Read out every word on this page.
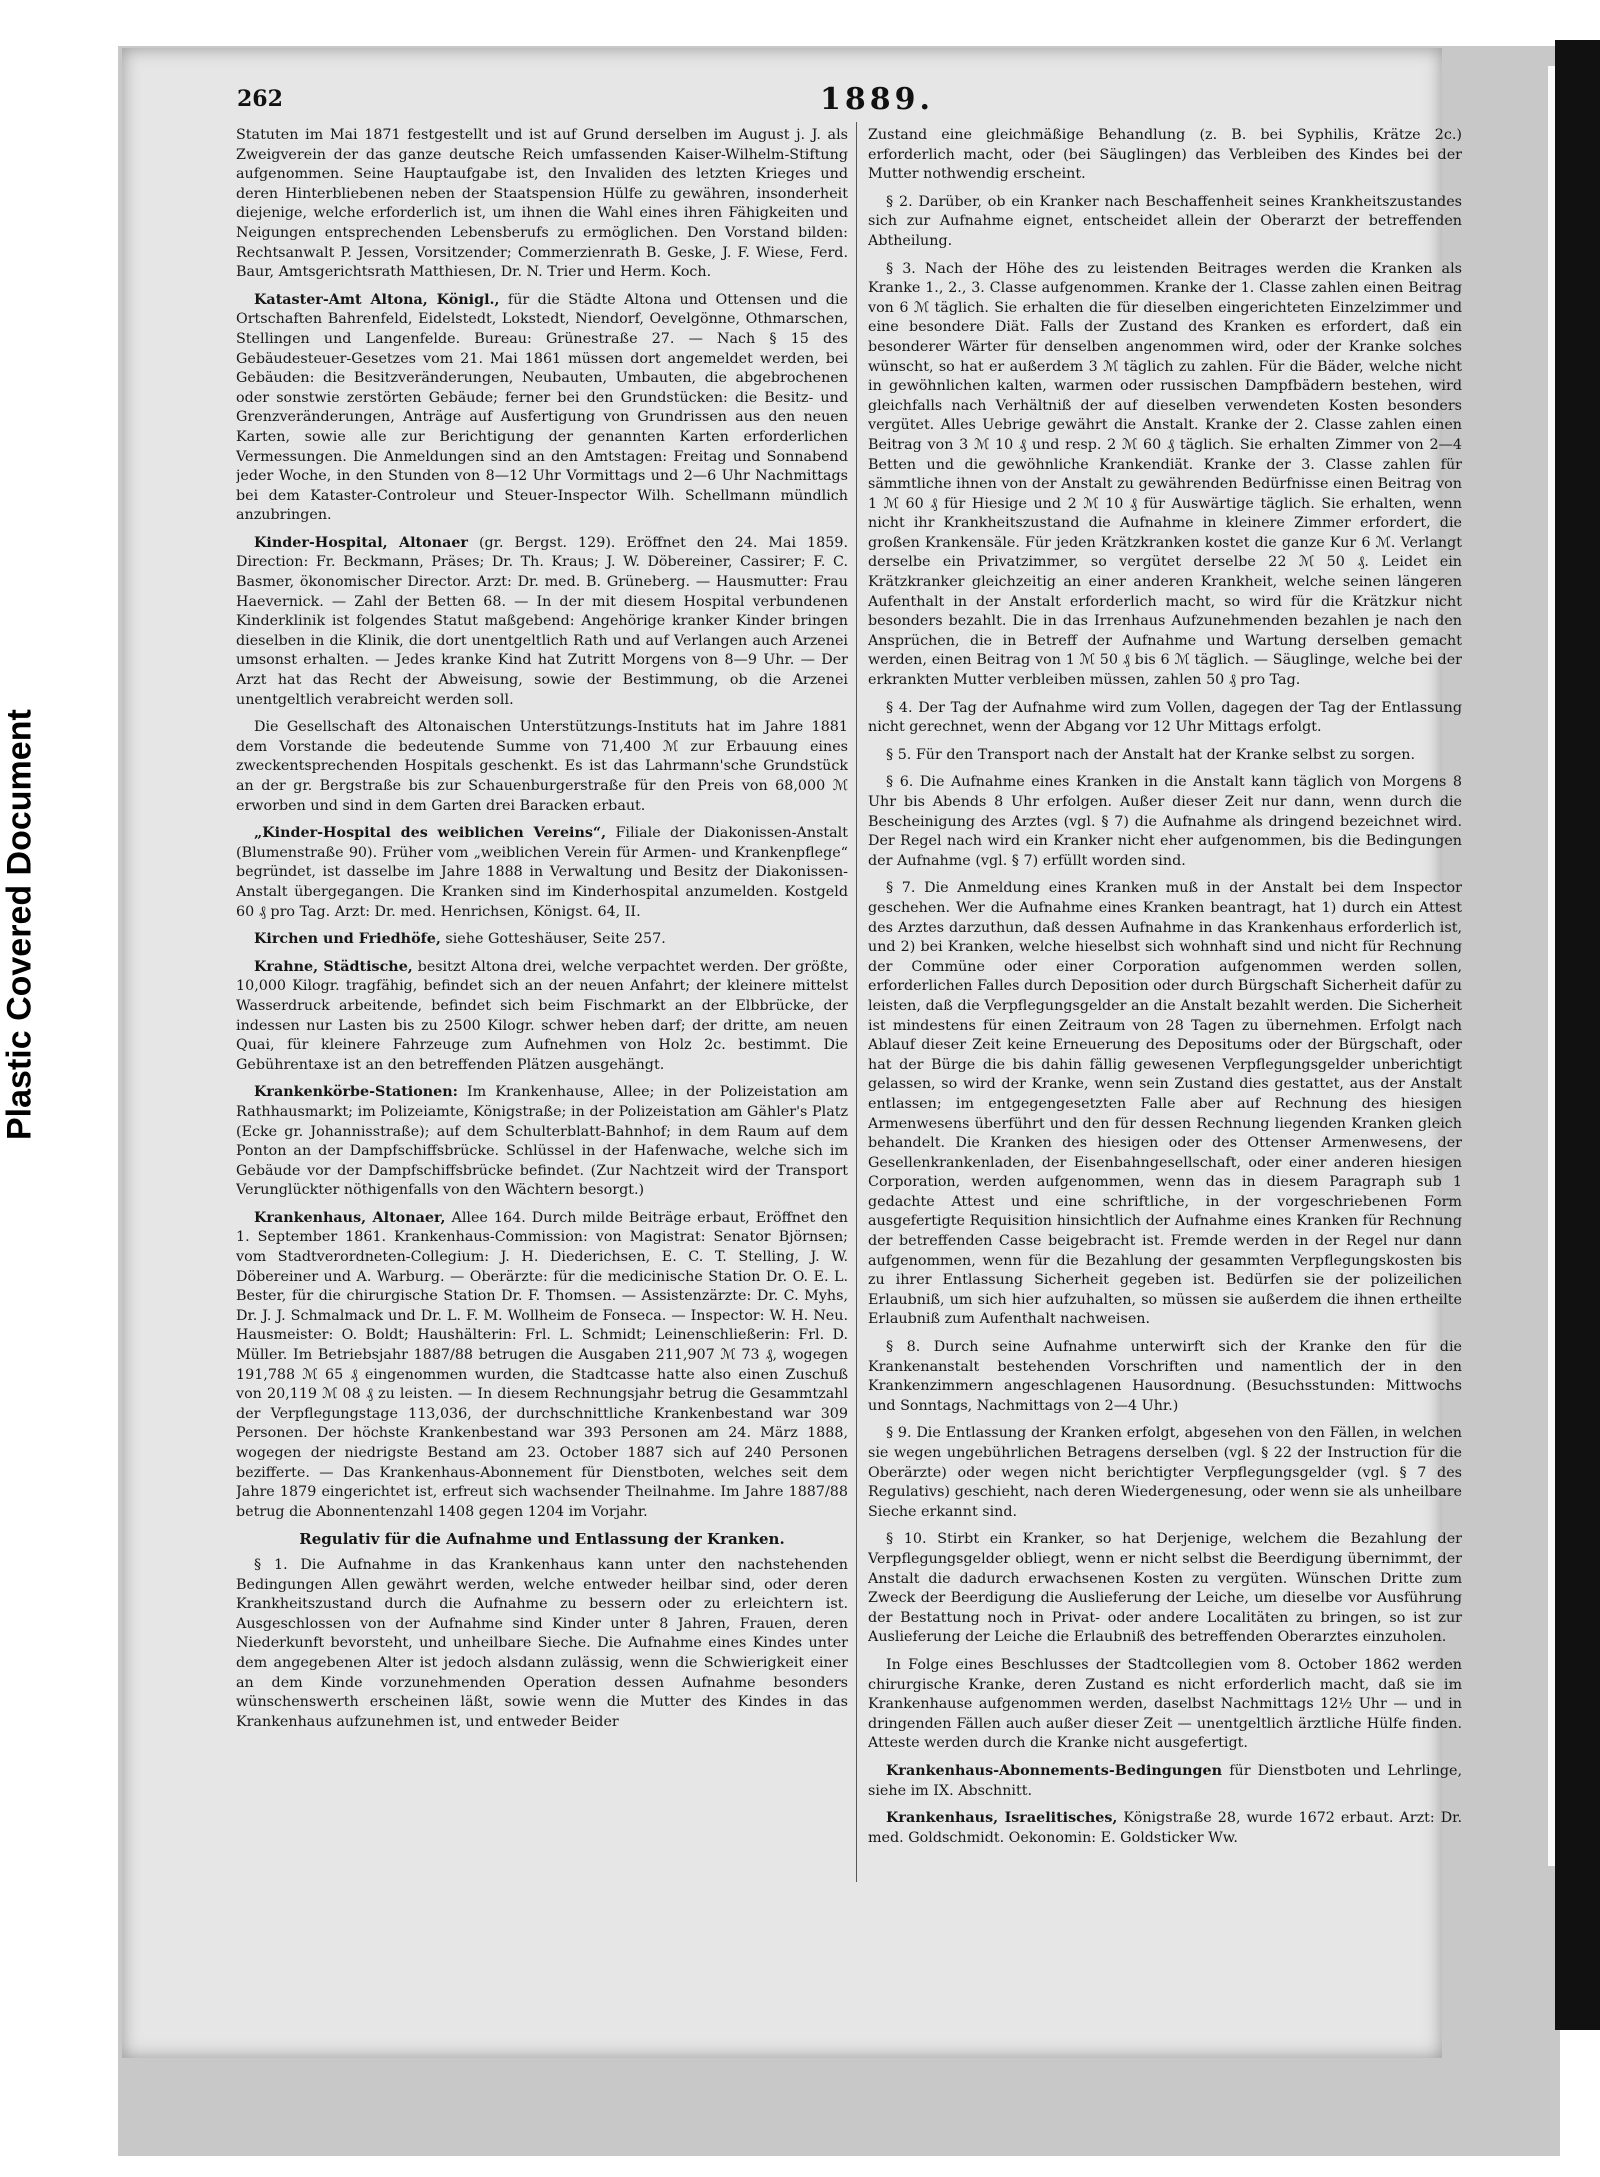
Plastic Covered Document
262	1889.

Statuten im Mai 1871 festgestellt und ist auf Grund derselben im August j. J. als Zweigverein der das ganze deutsche Reich umfassenden Kaiser-Wilhelm-Stiftung aufgenommen. Seine Hauptaufgabe ist, den Invaliden des letzten Krieges und deren Hinterbliebenen neben der Staatspension Hülfe zu gewähren, insonderheit diejenige, welche erforderlich ist, um ihnen die Wahl eines ihren Fähigkeiten und Neigungen entsprechenden Lebensberufs zu ermöglichen. Den Vorstand bilden: Rechtsanwalt P. Jessen, Vorsitzender; Commerzienrath B. Geske, J. F. Wiese, Ferd. Baur, Amtsgerichtsrath Matthiesen, Dr. N. Trier und Herm. Koch.

Kataster-Amt Altona, Königl., für die Städte Altona und Ottensen und die Ortschaften Bahrenfeld, Eidelstedt, Lokstedt, Niendorf, Oevelgönne, Othmarschen, Stellingen und Langenfelde. Bureau: Grünestraße 27. — Nach § 15 des Gebäudesteuer-Gesetzes vom 21. Mai 1861 müssen dort angemeldet werden, bei Gebäuden: die Besitzveränderungen, Neubauten, Umbauten, die abgebrochenen oder sonstwie zerstörten Gebäude; ferner bei den Grundstücken: die Besitz- und Grenzveränderungen, Anträge auf Ausfertigung von Grundrissen aus den neuen Karten, sowie alle zur Berichtigung der genannten Karten erforderlichen Vermessungen. Die Anmeldungen sind an den Amtstagen: Freitag und Sonnabend jeder Woche, in den Stunden von 8—12 Uhr Vormittags und 2—6 Uhr Nachmittags bei dem Kataster-Controleur und Steuer-Inspector Wilh. Schellmann mündlich anzubringen.

Kinder-Hospital, Altonaer (gr. Bergst. 129). Eröffnet den 24. Mai 1859. Direction: Fr. Beckmann, Präses; Dr. Th. Kraus; J. W. Döbereiner, Cassirer; F. C. Basmer, ökonomischer Director. Arzt: Dr. med. B. Grüneberg. — Hausmutter: Frau Haevernick. — Zahl der Betten 68. — In der mit diesem Hospital verbundenen Kinderklinik ist folgendes Statut maßgebend: Angehörige kranker Kinder bringen dieselben in die Klinik, die dort unentgeltlich Rath und auf Verlangen auch Arzenei umsonst erhalten. — Jedes kranke Kind hat Zutritt Morgens von 8—9 Uhr. — Der Arzt hat das Recht der Abweisung, sowie der Bestimmung, ob die Arzenei unentgeltlich verabreicht werden soll.

Die Gesellschaft des Altonaischen Unterstützungs-Instituts hat im Jahre 1881 dem Vorstande die bedeutende Summe von 71,400 ℳ zur Erbauung eines zweckentsprechenden Hospitals geschenkt. Es ist das Lahrmann'sche Grundstück an der gr. Bergstraße bis zur Schauenburgerstraße für den Preis von 68,000 ℳ erworben und sind in dem Garten drei Baracken erbaut.

„Kinder-Hospital des weiblichen Vereins“, Filiale der Diakonissen-Anstalt (Blumenstraße 90). Früher vom „weiblichen Verein für Armen- und Krankenpflege“ begründet, ist dasselbe im Jahre 1888 in Verwaltung und Besitz der Diakonissen-Anstalt übergegangen. Die Kranken sind im Kinderhospital anzumelden. Kostgeld 60 ₰ pro Tag. Arzt: Dr. med. Henrichsen, Königst. 64, II.

Kirchen und Friedhöfe, siehe Gotteshäuser, Seite 257.

Krahne, Städtische, besitzt Altona drei, welche verpachtet werden. Der größte, 10,000 Kilogr. tragfähig, befindet sich an der neuen Anfahrt; der kleinere mittelst Wasserdruck arbeitende, befindet sich beim Fischmarkt an der Elbbrücke, der indessen nur Lasten bis zu 2500 Kilogr. schwer heben darf; der dritte, am neuen Quai, für kleinere Fahrzeuge zum Aufnehmen von Holz 2c. bestimmt. Die Gebührentaxe ist an den betreffenden Plätzen ausgehängt.

Krankenkörbe-Stationen: Im Krankenhause, Allee; in der Polizeistation am Rathhausmarkt; im Polizeiamte, Königstraße; in der Polizeistation am Gähler's Platz (Ecke gr. Johannisstraße); auf dem Schulterblatt-Bahnhof; in dem Raum auf dem Ponton an der Dampfschiffsbrücke. Schlüssel in der Hafenwache, welche sich im Gebäude vor der Dampfschiffsbrücke befindet. (Zur Nachtzeit wird der Transport Verunglückter nöthigenfalls von den Wächtern besorgt.)

Krankenhaus, Altonaer, Allee 164. Durch milde Beiträge erbaut, Eröffnet den 1. September 1861. Krankenhaus-Commission: von Magistrat: Senator Björnsen; vom Stadtverordneten-Collegium: J. H. Diederichsen, E. C. T. Stelling, J. W. Döbereiner und A. Warburg. — Oberärzte: für die medicinische Station Dr. O. E. L. Bester, für die chirurgische Station Dr. F. Thomsen. — Assistenzärzte: Dr. C. Myhs, Dr. J. J. Schmalmack und Dr. L. F. M. Wollheim de Fonseca. — Inspector: W. H. Neu. Hausmeister: O. Boldt; Haushälterin: Frl. L. Schmidt; Leinenschließerin: Frl. D. Müller. Im Betriebsjahr 1887/88 betrugen die Ausgaben 211,907 ℳ 73 ₰, wogegen 191,788 ℳ 65 ₰ eingenommen wurden, die Stadtcasse hatte also einen Zuschuß von 20,119 ℳ 08 ₰ zu leisten. — In diesem Rechnungsjahr betrug die Gesammtzahl der Verpflegungstage 113,036, der durchschnittliche Krankenbestand war 309 Personen. Der höchste Krankenbestand war 393 Personen am 24. März 1888, wogegen der niedrigste Bestand am 23. October 1887 sich auf 240 Personen bezifferte. — Das Krankenhaus-Abonnement für Dienstboten, welches seit dem Jahre 1879 eingerichtet ist, erfreut sich wachsender Theilnahme. Im Jahre 1887/88 betrug die Abonnentenzahl 1408 gegen 1204 im Vorjahr.

Regulativ für die Aufnahme und Entlassung der Kranken.

§ 1. Die Aufnahme in das Krankenhaus kann unter den nachstehenden Bedingungen Allen gewährt werden, welche entweder heilbar sind, oder deren Krankheitszustand durch die Aufnahme zu bessern oder zu erleichtern ist. Ausgeschlossen von der Aufnahme sind Kinder unter 8 Jahren, Frauen, deren Niederkunft bevorsteht, und unheilbare Sieche. Die Aufnahme eines Kindes unter dem angegebenen Alter ist jedoch alsdann zulässig, wenn die Schwierigkeit einer an dem Kinde vorzunehmenden Operation dessen Aufnahme besonders wünschenswerth erscheinen läßt, sowie wenn die Mutter des Kindes in das Krankenhaus aufzunehmen ist, und entweder Beider

Zustand eine gleichmäßige Behandlung (z. B. bei Syphilis, Krätze 2c.) erforderlich macht, oder (bei Säuglingen) das Verbleiben des Kindes bei der Mutter nothwendig erscheint.

§ 2. Darüber, ob ein Kranker nach Beschaffenheit seines Krankheitszustandes sich zur Aufnahme eignet, entscheidet allein der Oberarzt der betreffenden Abtheilung.

§ 3. Nach der Höhe des zu leistenden Beitrages werden die Kranken als Kranke 1., 2., 3. Classe aufgenommen. Kranke der 1. Classe zahlen einen Beitrag von 6 ℳ täglich. Sie erhalten die für dieselben eingerichteten Einzelzimmer und eine besondere Diät. Falls der Zustand des Kranken es erfordert, daß ein besonderer Wärter für denselben angenommen wird, oder der Kranke solches wünscht, so hat er außerdem 3 ℳ täglich zu zahlen. Für die Bäder, welche nicht in gewöhnlichen kalten, warmen oder russischen Dampfbädern bestehen, wird gleichfalls nach Verhältniß der auf dieselben verwendeten Kosten besonders vergütet. Alles Uebrige gewährt die Anstalt. Kranke der 2. Classe zahlen einen Beitrag von 3 ℳ 10 ₰ und resp. 2 ℳ 60 ₰ täglich. Sie erhalten Zimmer von 2—4 Betten und die gewöhnliche Krankendiät. Kranke der 3. Classe zahlen für sämmtliche ihnen von der Anstalt zu gewährenden Bedürfnisse einen Beitrag von 1 ℳ 60 ₰ für Hiesige und 2 ℳ 10 ₰ für Auswärtige täglich. Sie erhalten, wenn nicht ihr Krankheitszustand die Aufnahme in kleinere Zimmer erfordert, die großen Krankensäle. Für jeden Krätzkranken kostet die ganze Kur 6 ℳ. Verlangt derselbe ein Privatzimmer, so vergütet derselbe 22 ℳ 50 ₰. Leidet ein Krätzkranker gleichzeitig an einer anderen Krankheit, welche seinen längeren Aufenthalt in der Anstalt erforderlich macht, so wird für die Krätzkur nicht besonders bezahlt. Die in das Irrenhaus Aufzunehmenden bezahlen je nach den Ansprüchen, die in Betreff der Aufnahme und Wartung derselben gemacht werden, einen Beitrag von 1 ℳ 50 ₰ bis 6 ℳ täglich. — Säuglinge, welche bei der erkrankten Mutter verbleiben müssen, zahlen 50 ₰ pro Tag.

§ 4. Der Tag der Aufnahme wird zum Vollen, dagegen der Tag der Entlassung nicht gerechnet, wenn der Abgang vor 12 Uhr Mittags erfolgt.

§ 5. Für den Transport nach der Anstalt hat der Kranke selbst zu sorgen.

§ 6. Die Aufnahme eines Kranken in die Anstalt kann täglich von Morgens 8 Uhr bis Abends 8 Uhr erfolgen. Außer dieser Zeit nur dann, wenn durch die Bescheinigung des Arztes (vgl. § 7) die Aufnahme als dringend bezeichnet wird. Der Regel nach wird ein Kranker nicht eher aufgenommen, bis die Bedingungen der Aufnahme (vgl. § 7) erfüllt worden sind.

§ 7. Die Anmeldung eines Kranken muß in der Anstalt bei dem Inspector geschehen. Wer die Aufnahme eines Kranken beantragt, hat 1) durch ein Attest des Arztes darzuthun, daß dessen Aufnahme in das Krankenhaus erforderlich ist, und 2) bei Kranken, welche hieselbst sich wohnhaft sind und nicht für Rechnung der Commüne oder einer Corporation aufgenommen werden sollen, erforderlichen Falles durch Deposition oder durch Bürgschaft Sicherheit dafür zu leisten, daß die Verpflegungsgelder an die Anstalt bezahlt werden. Die Sicherheit ist mindestens für einen Zeitraum von 28 Tagen zu übernehmen. Erfolgt nach Ablauf dieser Zeit keine Erneuerung des Depositums oder der Bürgschaft, oder hat der Bürge die bis dahin fällig gewesenen Verpflegungsgelder unberichtigt gelassen, so wird der Kranke, wenn sein Zustand dies gestattet, aus der Anstalt entlassen; im entgegengesetzten Falle aber auf Rechnung des hiesigen Armenwesens überführt und den für dessen Rechnung liegenden Kranken gleich behandelt. Die Kranken des hiesigen oder des Ottenser Armenwesens, der Gesellenkrankenladen, der Eisenbahngesellschaft, oder einer anderen hiesigen Corporation, werden aufgenommen, wenn das in diesem Paragraph sub 1 gedachte Attest und eine schriftliche, in der vorgeschriebenen Form ausgefertigte Requisition hinsichtlich der Aufnahme eines Kranken für Rechnung der betreffenden Casse beigebracht ist. Fremde werden in der Regel nur dann aufgenommen, wenn für die Bezahlung der gesammten Verpflegungskosten bis zu ihrer Entlassung Sicherheit gegeben ist. Bedürfen sie der polizeilichen Erlaubniß, um sich hier aufzuhalten, so müssen sie außerdem die ihnen ertheilte Erlaubniß zum Aufenthalt nachweisen.

§ 8. Durch seine Aufnahme unterwirft sich der Kranke den für die Krankenanstalt bestehenden Vorschriften und namentlich der in den Krankenzimmern angeschlagenen Hausordnung. (Besuchsstunden: Mittwochs und Sonntags, Nachmittags von 2—4 Uhr.)

§ 9. Die Entlassung der Kranken erfolgt, abgesehen von den Fällen, in welchen sie wegen ungebührlichen Betragens derselben (vgl. § 22 der Instruction für die Oberärzte) oder wegen nicht berichtigter Verpflegungsgelder (vgl. § 7 des Regulativs) geschieht, nach deren Wiedergenesung, oder wenn sie als unheilbare Sieche erkannt sind.

§ 10. Stirbt ein Kranker, so hat Derjenige, welchem die Bezahlung der Verpflegungsgelder obliegt, wenn er nicht selbst die Beerdigung übernimmt, der Anstalt die dadurch erwachsenen Kosten zu vergüten. Wünschen Dritte zum Zweck der Beerdigung die Auslieferung der Leiche, um dieselbe vor Ausführung der Bestattung noch in Privat- oder andere Localitäten zu bringen, so ist zur Auslieferung der Leiche die Erlaubniß des betreffenden Oberarztes einzuholen.

In Folge eines Beschlusses der Stadtcollegien vom 8. October 1862 werden chirurgische Kranke, deren Zustand es nicht erforderlich macht, daß sie im Krankenhause aufgenommen werden, daselbst Nachmittags 12½ Uhr — und in dringenden Fällen auch außer dieser Zeit — unentgeltlich ärztliche Hülfe finden. Atteste werden durch die Kranke nicht ausgefertigt.

Krankenhaus-Abonnements-Bedingungen für Dienstboten und Lehrlinge, siehe im IX. Abschnitt.

Krankenhaus, Israelitisches, Königstraße 28, wurde 1672 erbaut. Arzt: Dr. med. Goldschmidt. Oekonomin: E. Goldsticker Ww.
